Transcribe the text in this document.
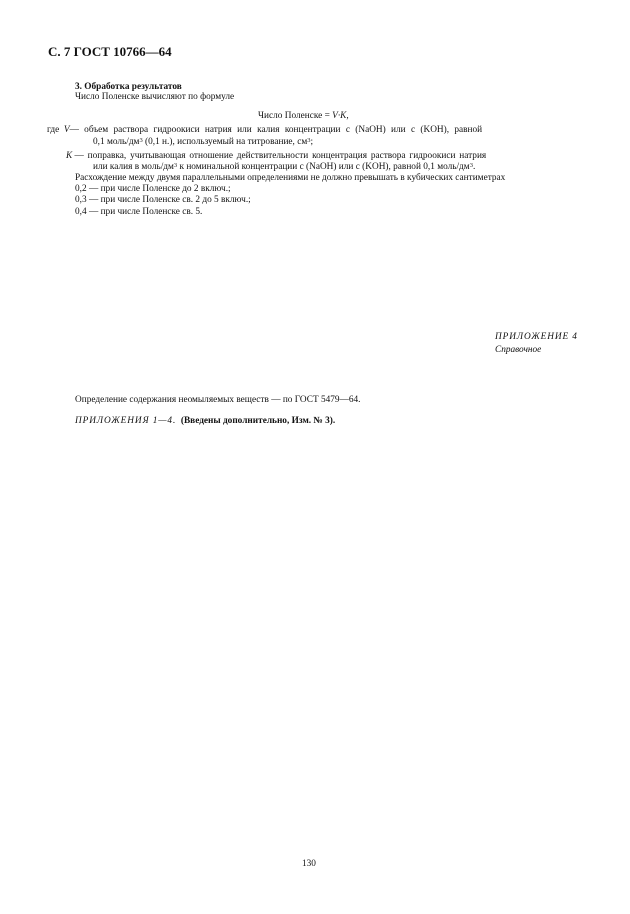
С. 7 ГОСТ 10766—64
3. Обработка результатов
Число Поленске вычисляют по формуле
Число Поленске = V·K,
где V— объем раствора гидроокиси натрия или калия концентрации c (NaOH) или c (KOH), равной
0,1 моль/$дм^3$ (0,1 н.), используемый на титрование, $см^3$;
K — поправка, учитывающая отношение действительности концентрация раствора гидроокиси натрия
или калия в моль/$дм^3$ к номинальной концентрации c (NaOH) или c (KOH), равной 0,1 моль/$дм^3$.
Расхождение между двумя параллельными определениями не должно превышать в кубических сантиметрах
0,2 — при числе Поленске до 2 включ.;
0,3 — при числе Поленске св. 2 до 5 включ.;
0,4 — при числе Поленске св. 5.
ПРИЛОЖЕНИЕ 4
Справочное
Определение содержания неомыляемых веществ — по ГОСТ 5479—64.
ПРИЛОЖЕНИЯ 1—4. (Введены дополнительно, Изм. № 3).
130
